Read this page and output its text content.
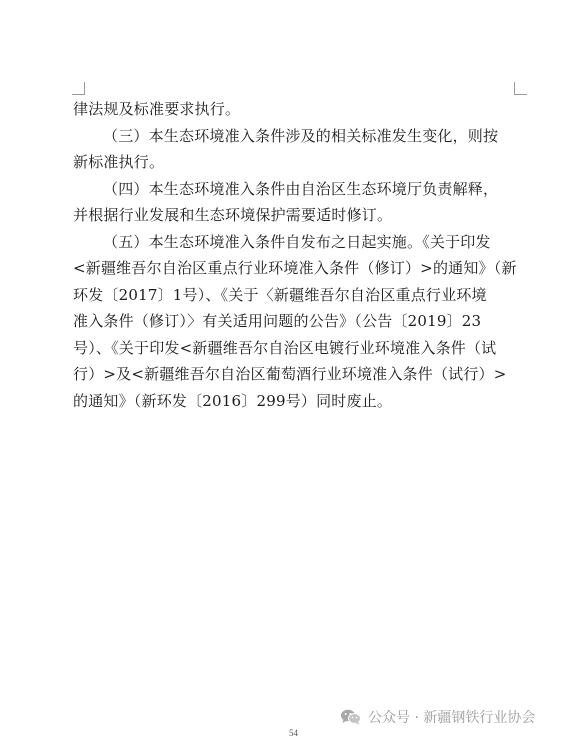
律法规及标准要求执行。
（三）本生态环境准入条件涉及的相关标准发生变化，则按
新标准执行。
（四）本生态环境准入条件由自治区生态环境厅负责解释，
并根据行业发展和生态环境保护需要适时修订。
（五）本生态环境准入条件自发布之日起实施。《关于印发
<新疆维吾尔自治区重点行业环境准入条件（修订）>的通知》（新
环发〔2017〕1号）、《关于〈新疆维吾尔自治区重点行业环境
准入条件（修订）〉有关适用问题的公告》（公告〔2019〕23
号）、《关于印发<新疆维吾尔自治区电镀行业环境准入条件（试
行）>及<新疆维吾尔自治区葡萄酒行业环境准入条件（试行）>
的通知》（新环发〔2016〕299号）同时废止。
公众号 · 新疆钢铁行业协会
54
